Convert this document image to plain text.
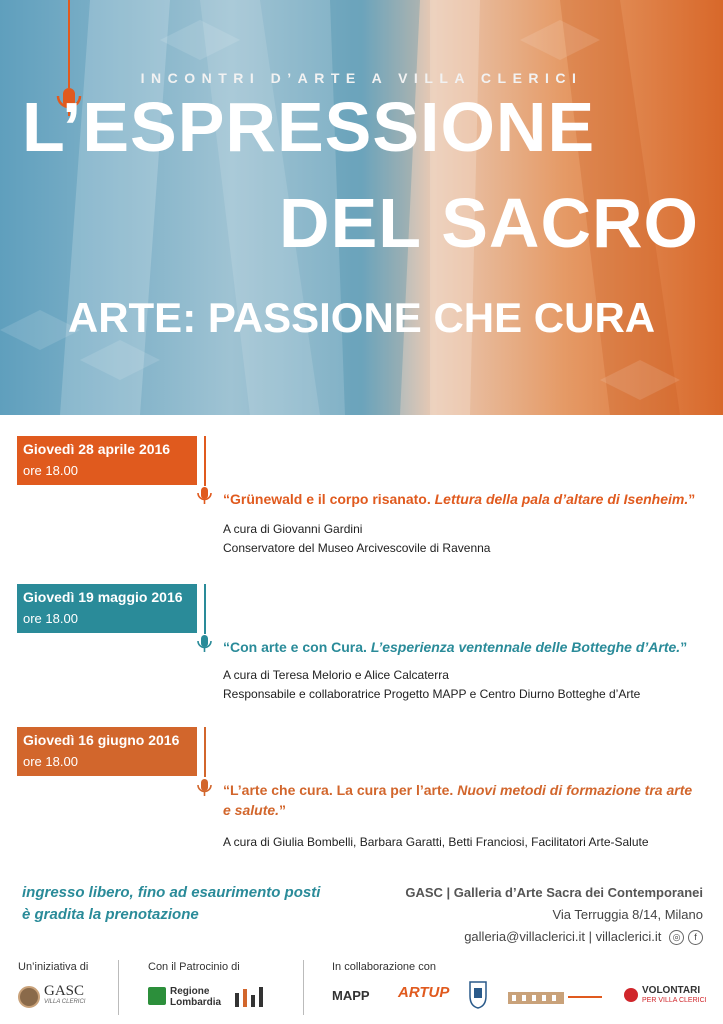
INCONTRI D’ARTE A VILLA CLERICI
L’ESPRESSIONE
DEL SACRO
ARTE: PASSIONE CHE CURA
Giovedì 28 aprile 2016
ore 18.00
“Grünewald e il corpo risanato. Lettura della pala d’altare di Isenheim.”
A cura di Giovanni Gardini
Conservatore del Museo Arcivescovile di Ravenna
Giovedì 19 maggio 2016
ore 18.00
“Con arte e con Cura. L’esperienza ventennale delle Botteghe d’Arte.”
A cura di Teresa Melorio e Alice Calcaterra
Responsabile e collaboratrice Progetto MAPP e Centro Diurno Botteghe d’Arte
Giovedì 16 giugno 2016
ore 18.00
“L’arte che cura. La cura per l’arte. Nuovi metodi di formazione tra arte e salute.”
A cura di Giulia Bombelli, Barbara Garatti, Betti Franciosi, Facilitatori Arte-Salute
ingresso libero, fino ad esaurimento posti
è gradita la prenotazione
GASC | Galleria d’Arte Sacra dei Contemporanei
Via Terruggia 8/14, Milano
galleria@villaclerici.it | villaclerici.it ◎ f
Un’iniziativa di	Con il Patrocinio di	In collaborazione con
GASC
VILLA CLERICI
Regione
Lombardia	MAPP	ARTUP	VOLONTARI
PER VILLA CLERICI
